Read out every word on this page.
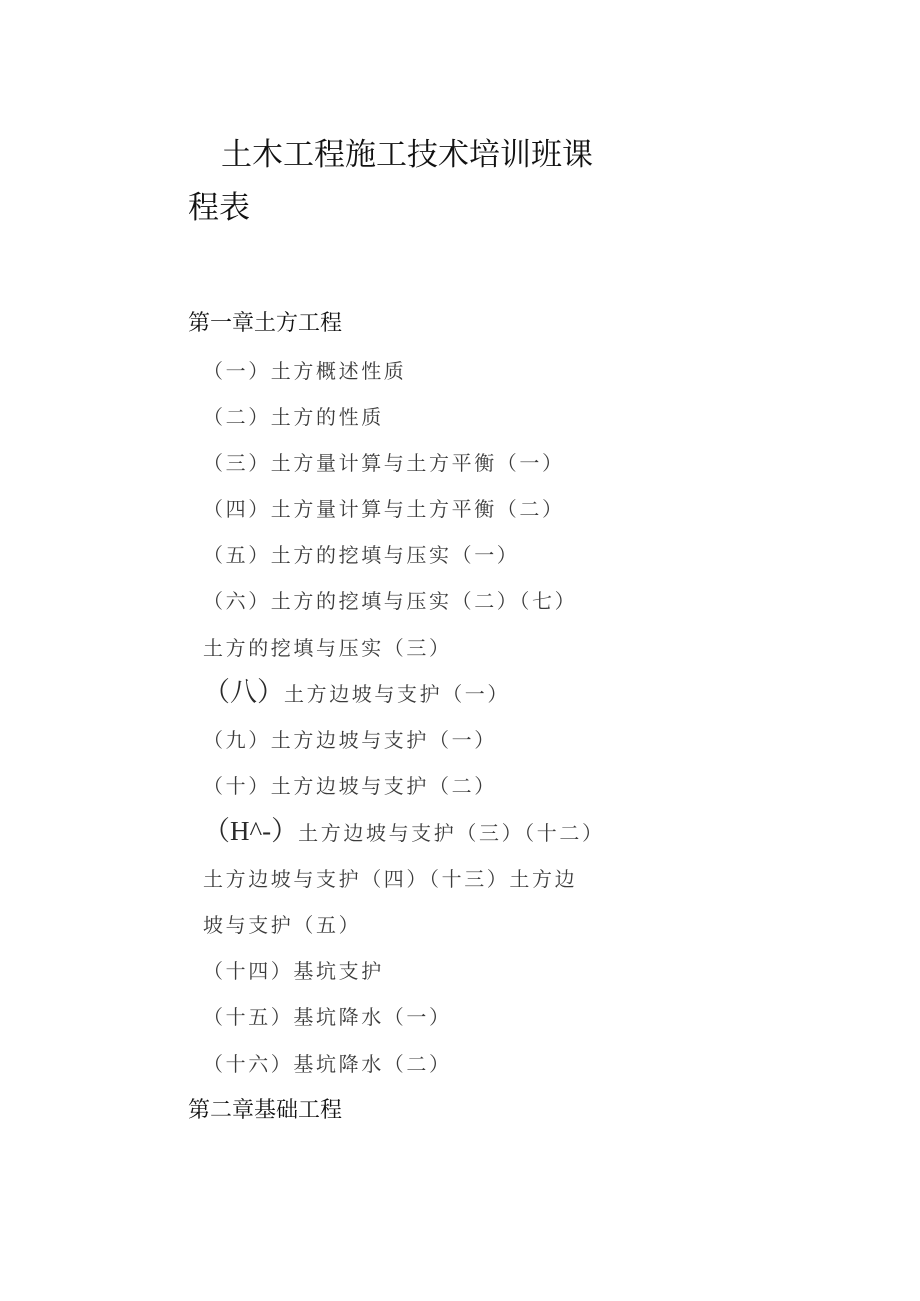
土木工程施工技术培训班课
程表
第一章土方工程
（一）土方概述性质
（二）土方的性质
（三）土方量计算与土方平衡（一）
（四）土方量计算与土方平衡（二）
（五）土方的挖填与压实（一）
（六）土方的挖填与压实（二）（七）
土方的挖填与压实（三）
（八）土方边坡与支护（一）
（九）土方边坡与支护（一）
（十）土方边坡与支护（二）
（H^-）土方边坡与支护（三）（十二）
土方边坡与支护（四）（十三）土方边
坡与支护（五）
（十四）基坑支护
（十五）基坑降水（一）
（十六）基坑降水（二）
第二章基础工程
